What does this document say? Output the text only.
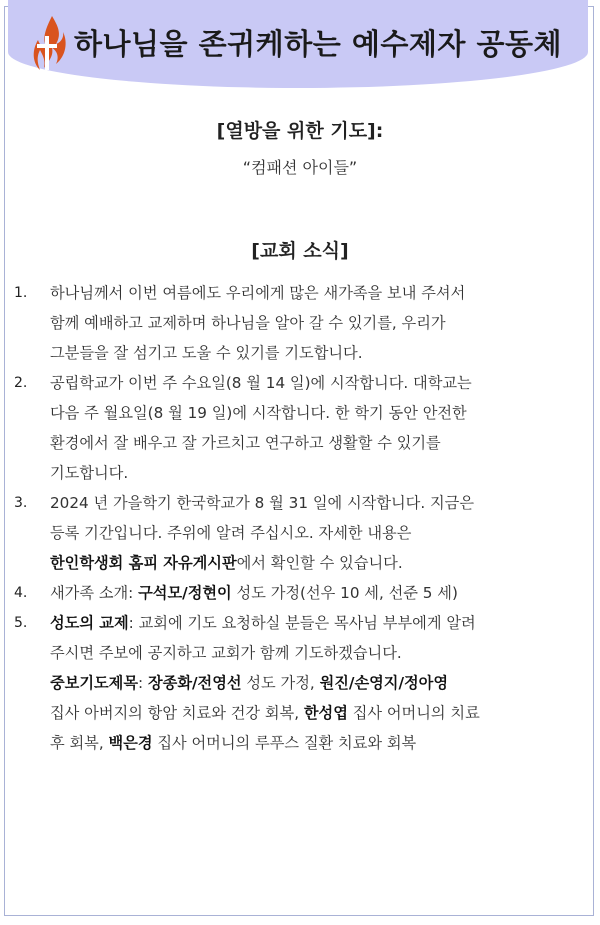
하나님을 존귀케하는 예수제자 공동체
[열방을 위한 기도]:
“컴패션 아이들”
[교회 소식]
1. 하나님께서 이번 여름에도 우리에게 많은 새가족을 보내 주셔서

함께 예배하고 교제하며 하나님을 알아 갈 수 있기를, 우리가

그분들을 잘 섬기고 도울 수 있기를 기도합니다.

2. 공립학교가 이번 주 수요일(8 월 14 일)에 시작합니다. 대학교는

다음 주 월요일(8 월 19 일)에 시작합니다. 한 학기 동안 안전한

환경에서 잘 배우고 잘 가르치고 연구하고 생활할 수 있기를

기도합니다.

3. 2024 년 가을학기 한국학교가 8 월 31 일에 시작합니다. 지금은

등록 기간입니다. 주위에 알려 주십시오. 자세한 내용은

한인학생회 홈피 자유게시판에서 확인할 수 있습니다.

4. 새가족 소개: 구석모/정현이 성도 가정(선우 10 세, 선준 5 세)

5. 성도의 교제: 교회에 기도 요청하실 분들은 목사님 부부에게 알려

주시면 주보에 공지하고 교회가 함께 기도하겠습니다.

중보기도제목: 장종화/전영선 성도 가정, 원진/손영지/정아영

집사 아버지의 항암 치료와 건강 회복, 한성엽 집사 어머니의 치료

후 회복, 백은경 집사 어머니의 루푸스 질환 치료와 회복
